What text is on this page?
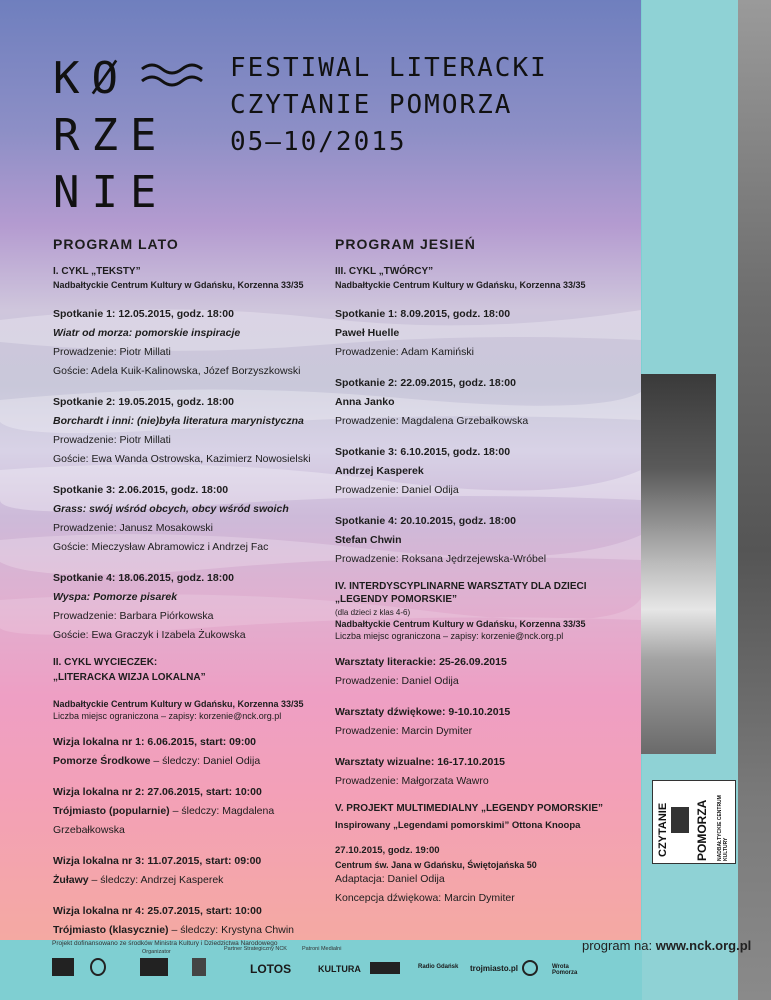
KØ
RZE
NIE
FESTIWAL LITERACKI
CZYTANIE POMORZA
05—10/2015
PROGRAM LATO
I. CYKL „TEKSTY”
Nadbałtyckie Centrum Kultury w Gdańsku, Korzenna 33/35
Spotkanie 1: 12.05.2015, godz. 18:00
Wiatr od morza: pomorskie inspiracje
Prowadzenie: Piotr Millati
Goście: Adela Kuik-Kalinowska, Józef Borzyszkowski
Spotkanie 2: 19.05.2015, godz. 18:00
Borchardt i inni: (nie)była literatura marynistyczna
Prowadzenie: Piotr Millati
Goście: Ewa Wanda Ostrowska, Kazimierz Nowosielski
Spotkanie 3: 2.06.2015, godz. 18:00
Grass: swój wśród obcych, obcy wśród swoich
Prowadzenie: Janusz Mosakowski
Goście: Mieczysław Abramowicz i Andrzej Fac
Spotkanie 4: 18.06.2015, godz. 18:00
Wyspa: Pomorze pisarek
Prowadzenie: Barbara Piórkowska
Goście: Ewa Graczyk i Izabela Żukowska
II. CYKL WYCIECZEK:
„LITERACKA WIZJA LOKALNA”
Nadbałtyckie Centrum Kultury w Gdańsku, Korzenna 33/35
Liczba miejsc ograniczona – zapisy: korzenie@nck.org.pl
Wizja lokalna nr 1: 6.06.2015, start: 09:00
Pomorze Środkowe – śledczy: Daniel Odija
Wizja lokalna nr 2: 27.06.2015, start: 10:00
Trójmiasto (popularnie) – śledczy: Magdalena
Grzebałkowska
Wizja lokalna nr 3: 11.07.2015, start: 09:00
Żuławy – śledczy: Andrzej Kasperek
Wizja lokalna nr 4: 25.07.2015, start: 10:00
Trójmiasto (klasycznie) – śledczy: Krystyna Chwin
PROGRAM JESIEŃ
III. CYKL „TWÓRCY”
Nadbałtyckie Centrum Kultury w Gdańsku, Korzenna 33/35
Spotkanie 1: 8.09.2015, godz. 18:00
Paweł Huelle
Prowadzenie: Adam Kamiński
Spotkanie 2: 22.09.2015, godz. 18:00
Anna Janko
Prowadzenie: Magdalena Grzebałkowska
Spotkanie 3: 6.10.2015, godz. 18:00
Andrzej Kasperek
Prowadzenie: Daniel Odija
Spotkanie 4: 20.10.2015, godz. 18:00
Stefan Chwin
Prowadzenie: Roksana Jędrzejewska-Wróbel
IV. INTERDYSCYPLINARNE WARSZTATY DLA DZIECI
„LEGENDY POMORSKIE”
(dla dzieci z klas 4-6)
Nadbałtyckie Centrum Kultury w Gdańsku, Korzenna 33/35
Liczba miejsc ograniczona – zapisy: korzenie@nck.org.pl
Warsztaty literackie: 25-26.09.2015
Prowadzenie: Daniel Odija
Warsztaty dźwiękowe: 9-10.10.2015
Prowadzenie: Marcin Dymiter
Warsztaty wizualne: 16-17.10.2015
Prowadzenie: Małgorzata Wawro
V. PROJEKT MULTIMEDIALNY „LEGENDY POMORSKIE”
Inspirowany „Legendami pomorskimi” Ottona Knoopa
27.10.2015, godz. 19:00
Centrum św. Jana w Gdańsku, Świętojańska 50
Adaptacja: Daniel Odija
Koncepcja dźwiękowa: Marcin Dymiter
CZYTANIE POMORZA NADBAŁTYCKIE CENTRUM KULTURY
Projekt dofinansowano ze środków Ministra Kultury i Dziedzictwa Narodowego	program na: www.nck.org.pl
Organizator	Partner Strategiczny NCK
LOTOS
Patroni Medialni
KULTURA	Radio Gdańsk trojmiasto.pl	Wrota Pomorza
